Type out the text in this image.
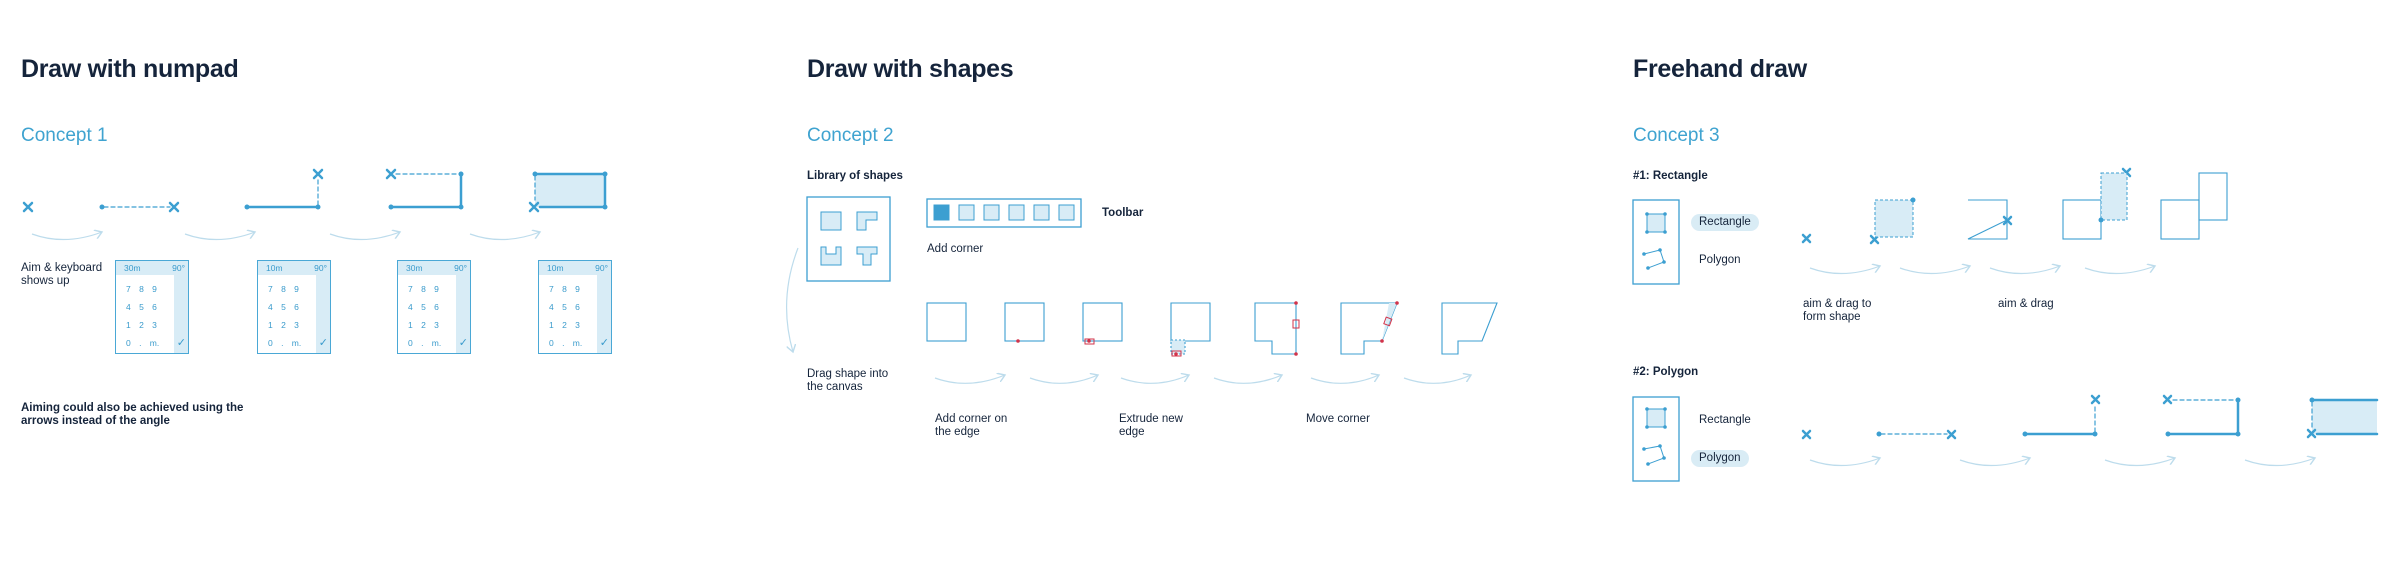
Draw with numpad
Concept 1
Aim & keyboard
shows up
Aiming could also be achieved using the
arrows instead of the angle
30m	90°
7 8 9
4 5 6
1 2 3
0 . m. ✓
10m	90°
7 8 9
4 5 6
1 2 3
0 . m. ✓
30m	90°
7 8 9
4 5 6
1 2 3
0 . m. ✓
10m	90°
7 8 9
4 5 6
1 2 3
0 . m. ✓
Draw with shapes
Concept 2
Library of shapes
Toolbar
Add corner
Drag shape into
the canvas
Add corner on
the edge
Extrude new
edge
Move corner
Freehand draw
Concept 3
#1: Rectangle
#2: Polygon
Rectangle
Polygon
Rectangle
Polygon
aim & drag to
form shape
aim & drag
